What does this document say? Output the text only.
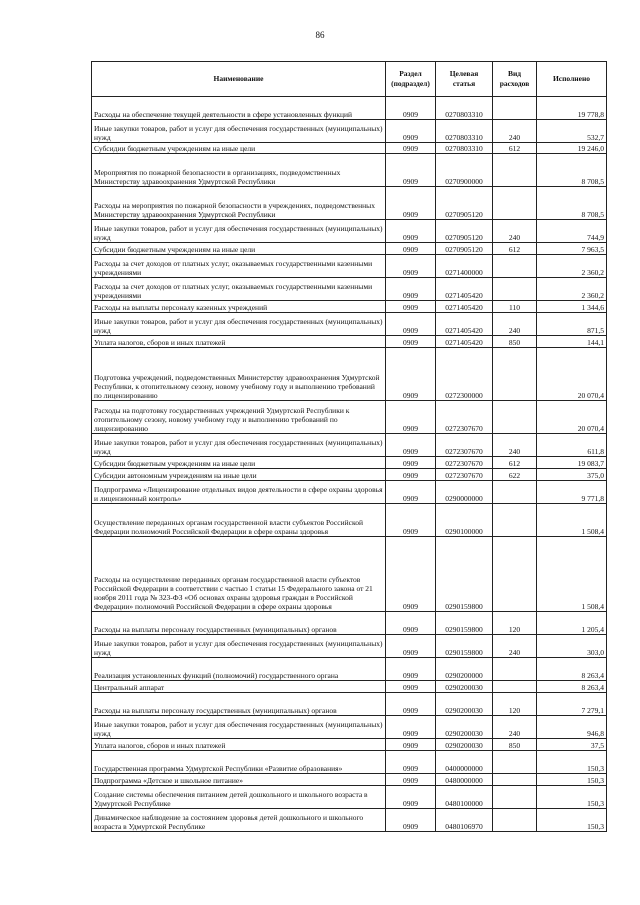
86
Наименование	Раздел (подраздел)	Целевая статья	Вид расходов	Исполнено
Расходы на обеспечение текущей деятельности в сфере установленных функций	0909	0270803310		19 778,8
Иные закупки товаров, работ и услуг для обеспечения государственных (муниципальных) нужд	0909	0270803310	240	532,7
Субсидии бюджетным учреждениям на иные цели	0909	0270803310	612	19 246,0
Мероприятия по пожарной безопасности в организациях, подведомственных Министерству здравоохранения Удмуртской Республики	0909	0270900000		8 708,5
Расходы на мероприятия по пожарной безопасности в учреждениях, подведомственных Министерству здравоохранения Удмуртской Республики	0909	0270905120		8 708,5
Иные закупки товаров, работ и услуг для обеспечения государственных (муниципальных) нужд	0909	0270905120	240	744,9
Субсидии бюджетным учреждениям на иные цели	0909	0270905120	612	7 963,5
Расходы за счет доходов от платных услуг, оказываемых государственными казенными учреждениями	0909	0271400000		2 360,2
Расходы за счет доходов от платных услуг, оказываемых государственными казенными учреждениями	0909	0271405420		2 360,2
Расходы на выплаты персоналу казенных учреждений	0909	0271405420	110	1 344,6
Иные закупки товаров, работ и услуг для обеспечения государственных (муниципальных) нужд	0909	0271405420	240	871,5
Уплата налогов, сборов и иных платежей	0909	0271405420	850	144,1
Подготовка учреждений, подведомственных Министерству здравоохранения Удмуртской Республики, к отопительному сезону, новому учебному году и выполнению требований по лицензированию	0909	0272300000		20 070,4
Расходы на подготовку государственных учреждений Удмуртской Республики к отопительному сезону, новому учебному году и выполнению требований по лицензированию	0909	0272307670		20 070,4
Иные закупки товаров, работ и услуг для обеспечения государственных (муниципальных) нужд	0909	0272307670	240	611,8
Субсидии бюджетным учреждениям на иные цели	0909	0272307670	612	19 083,7
Субсидии автономным учреждениям на иные цели	0909	0272307670	622	375,0
Подпрограмма «Лицензирование отдельных видов деятельности в сфере охраны здоровья и лицензионный контроль»	0909	0290000000		9 771,8
Осуществление переданных органам государственной власти субъектов Российской Федерации полномочий Российской Федерации в сфере охраны здоровья	0909	0290100000		1 508,4
Расходы на осуществление переданных органам государственной власти субъектов Российской Федерации в соответствии с частью 1 статьи 15 Федерального закона от 21 ноября 2011 года № 323-ФЗ «Об основах охраны здоровья граждан в Российской Федерации» полномочий Российской Федерации в сфере охраны здоровья	0909	0290159800		1 508,4
Расходы на выплаты персоналу государственных (муниципальных) органов	0909	0290159800	120	1 205,4
Иные закупки товаров, работ и услуг для обеспечения государственных (муниципальных) нужд	0909	0290159800	240	303,0
Реализация установленных функций (полномочий) государственного органа	0909	0290200000		8 263,4
Центральный аппарат	0909	0290200030		8 263,4
Расходы на выплаты персоналу государственных (муниципальных) органов	0909	0290200030	120	7 279,1
Иные закупки товаров, работ и услуг для обеспечения государственных (муниципальных) нужд	0909	0290200030	240	946,8
Уплата налогов, сборов и иных платежей	0909	0290200030	850	37,5
Государственная программа Удмуртской Республики «Развитие образования»	0909	0400000000		150,3
Подпрограмма «Детское и школьное питание»	0909	0480000000		150,3
Создание системы обеспечения питанием детей дошкольного и школьного возраста в Удмуртской Республике	0909	0480100000		150,3
Динамическое наблюдение за состоянием здоровья детей дошкольного и школьного возраста в Удмуртской Республике	0909	0480106970		150,3
